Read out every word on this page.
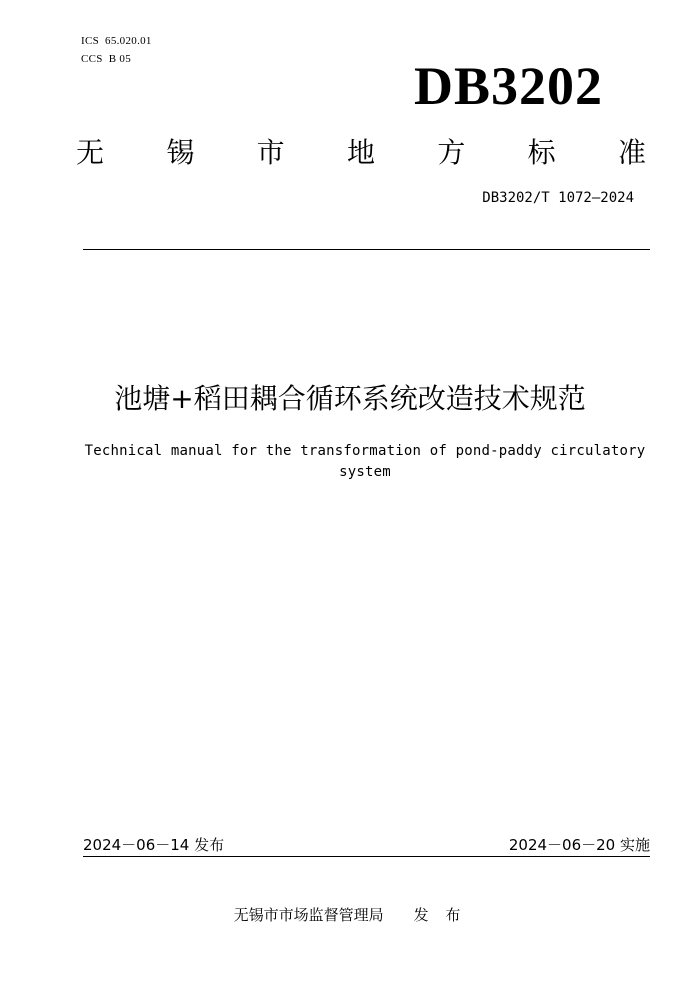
ICS 65.020.01
CCS B 05	DB3202
无 锡 市 地 方 标 准
DB3202/T 1072—2024
池塘+稻田耦合循环系统改造技术规范
Technical manual for the transformation of pond-paddy circulatory system
2024－06－14 发布	2024－06－20 实施
无锡市市场监督管理局 发 布
